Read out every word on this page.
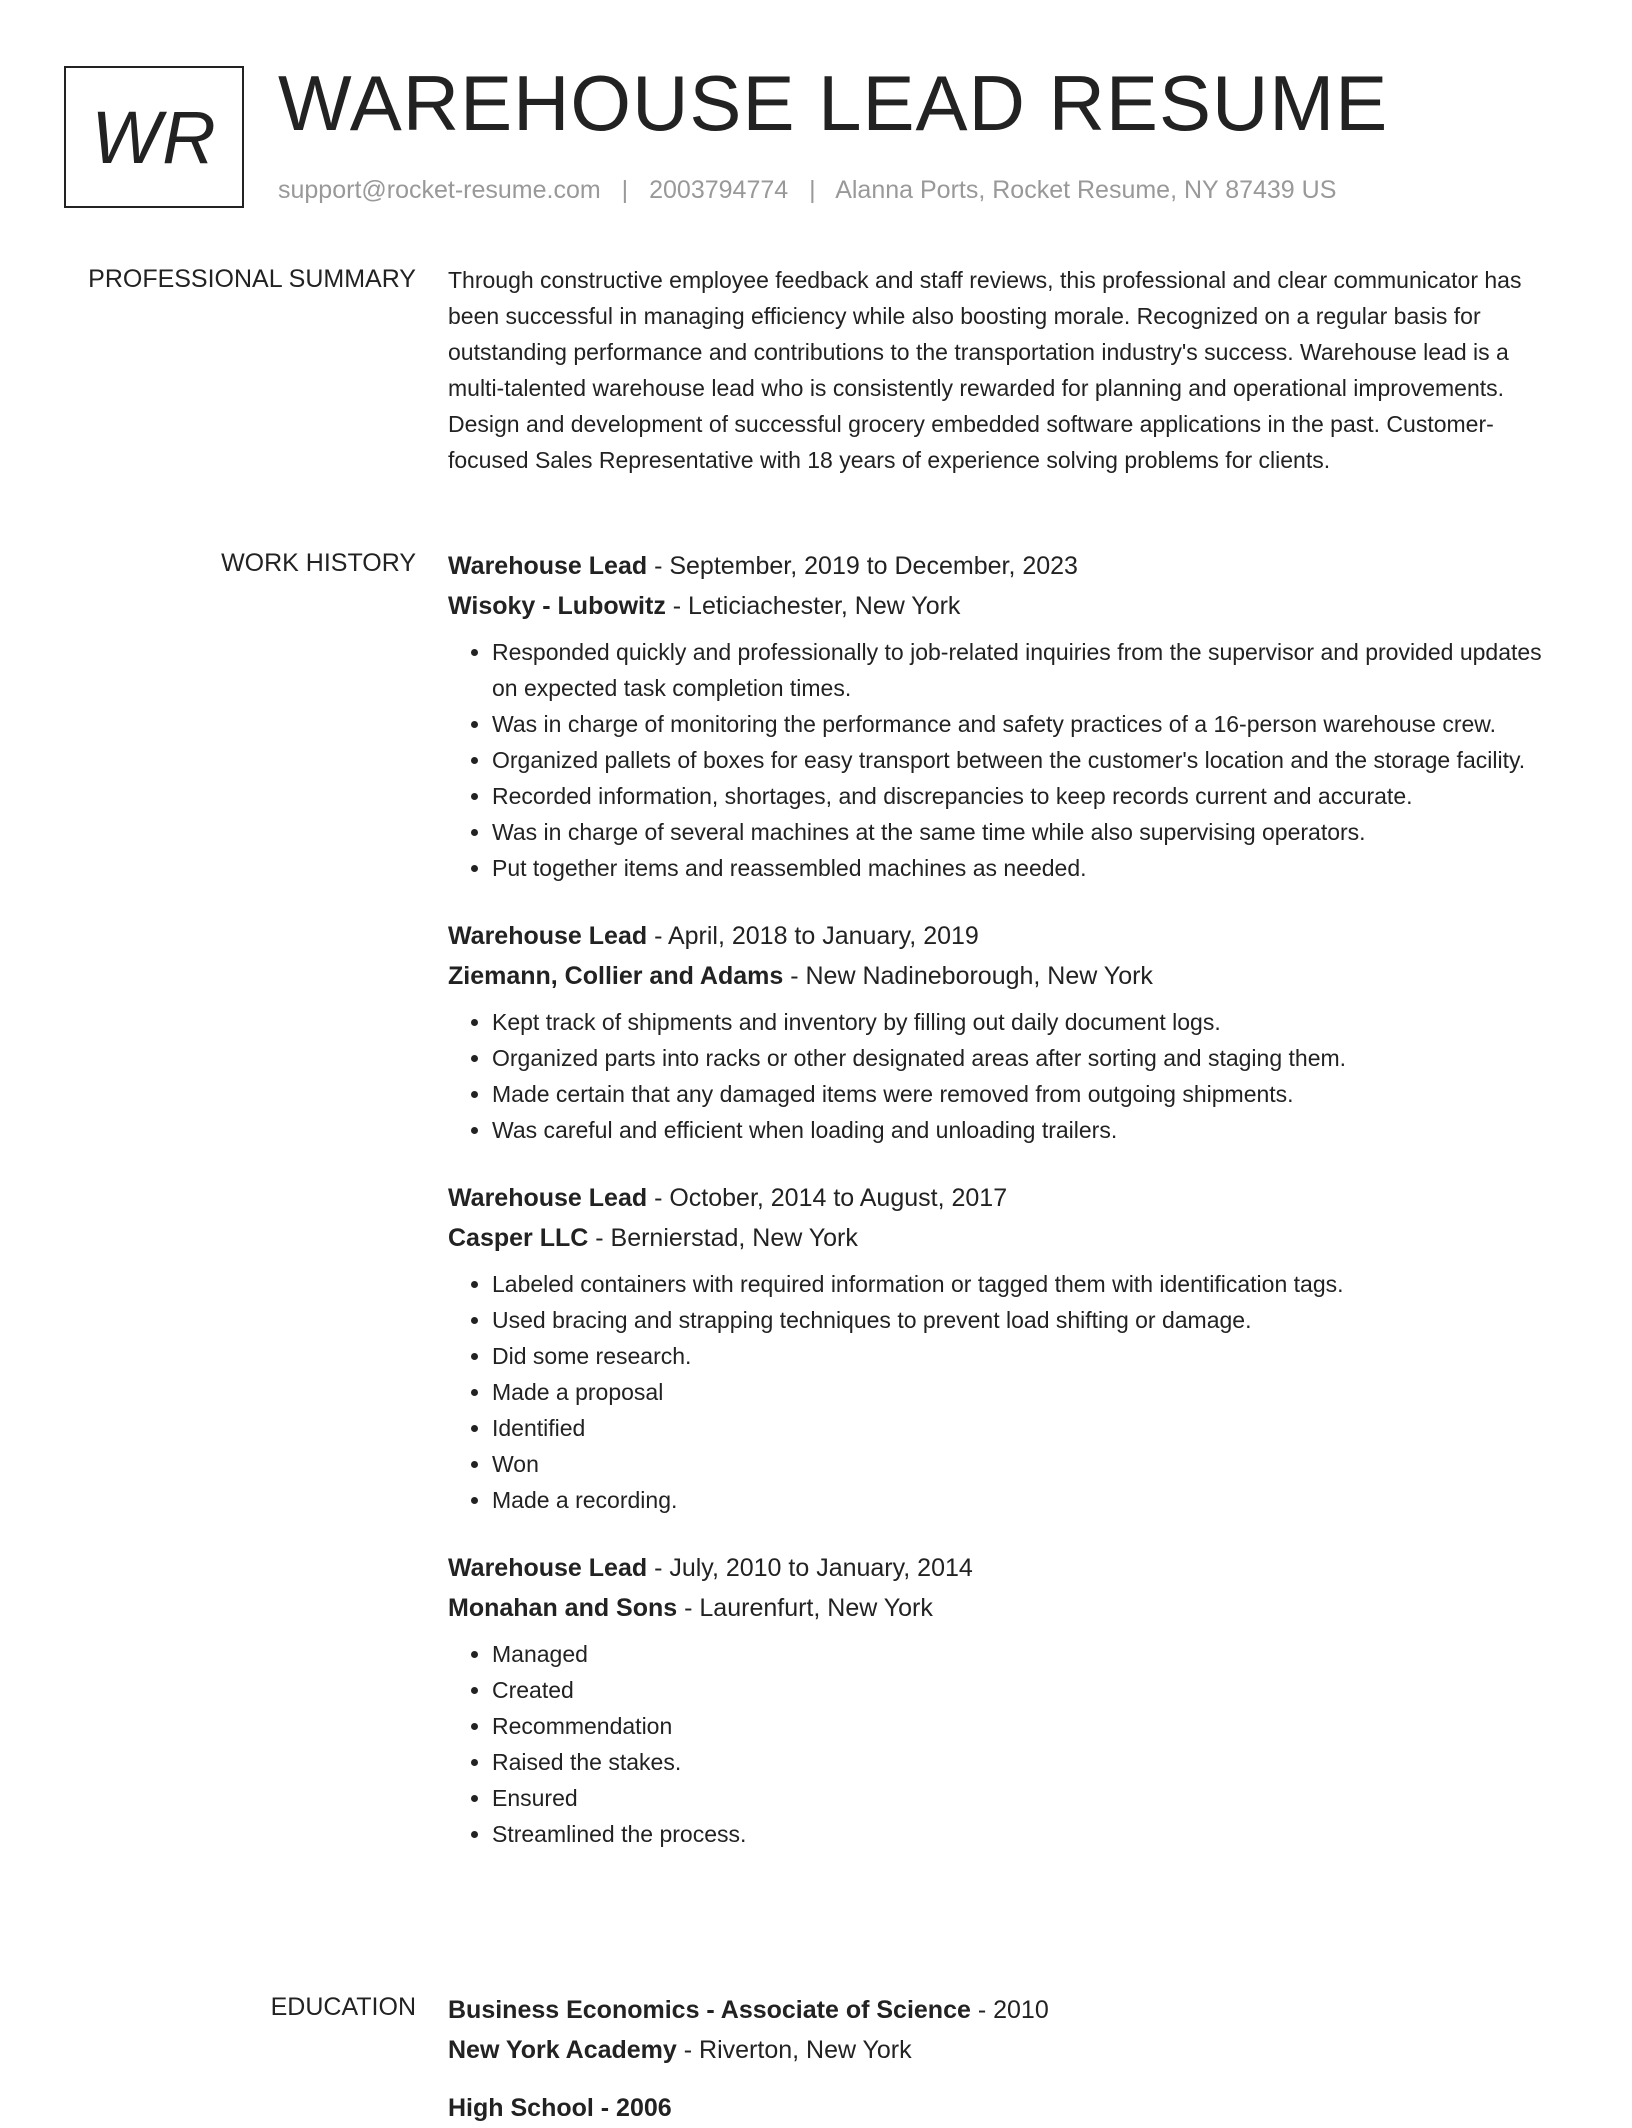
WR WAREHOUSE LEAD RESUME
support@rocket-resume.com | 2003794774 | Alanna Ports, Rocket Resume, NY 87439 US
PROFESSIONAL SUMMARY Through constructive employee feedback and staff reviews, this professional and clear communicator has been successful in managing efficiency while also boosting morale. Recognized on a regular basis for outstanding performance and contributions to the transportation industry's success. Warehouse lead is a multi-talented warehouse lead who is consistently rewarded for planning and operational improvements. Design and development of successful grocery embedded software applications in the past. Customer-focused Sales Representative with 18 years of experience solving problems for clients.
WORK HISTORY Warehouse Lead - September, 2019 to December, 2023
Wisoky - Lubowitz - Leticiachester, New York
• Responded quickly and professionally to job-related inquiries from the supervisor and provided updates on expected task completion times.
• Was in charge of monitoring the performance and safety practices of a 16-person warehouse crew.
• Organized pallets of boxes for easy transport between the customer's location and the storage facility.
• Recorded information, shortages, and discrepancies to keep records current and accurate.
• Was in charge of several machines at the same time while also supervising operators.
• Put together items and reassembled machines as needed.
Warehouse Lead - April, 2018 to January, 2019
Ziemann, Collier and Adams - New Nadineborough, New York
• Kept track of shipments and inventory by filling out daily document logs.
• Organized parts into racks or other designated areas after sorting and staging them.
• Made certain that any damaged items were removed from outgoing shipments.
• Was careful and efficient when loading and unloading trailers.
Warehouse Lead - October, 2014 to August, 2017
Casper LLC - Bernierstad, New York
• Labeled containers with required information or tagged them with identification tags.
• Used bracing and strapping techniques to prevent load shifting or damage.
• Did some research.
• Made a proposal
• Identified
• Won
• Made a recording.
Warehouse Lead - July, 2010 to January, 2014
Monahan and Sons - Laurenfurt, New York
• Managed
• Created
• Recommendation
• Raised the stakes.
• Ensured
• Streamlined the process.
EDUCATION Business Economics - Associate of Science - 2010
New York Academy - Riverton, New York
High School - 2006
